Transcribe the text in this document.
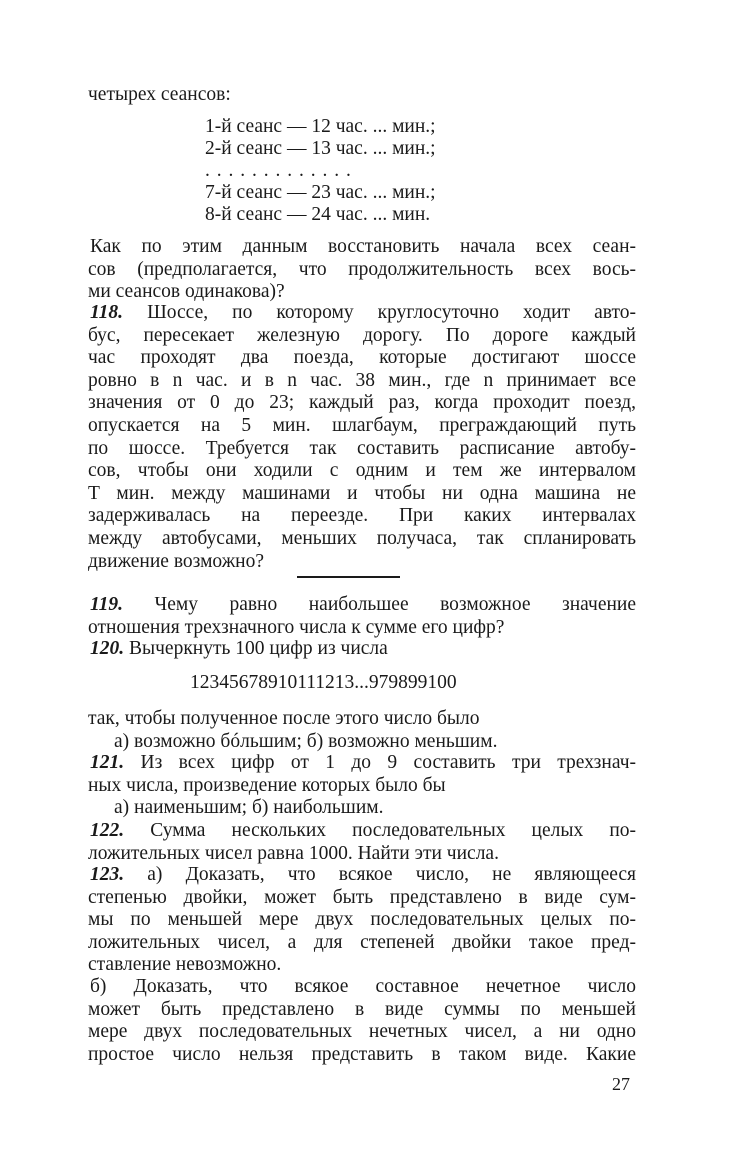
четырех сеансов:
1-й сеанс — 12 час. ... мин.;
2-й сеанс — 13 час. ... мин.;
. . . . . . . . . . . . .
7-й сеанс — 23 час. ... мин.;
8-й сеанс — 24 час. ... мин.
Как по этим данным восстановить начала всех сеан-
сов (предполагается, что продолжительность всех вось-
ми сеансов одинакова)?
118. Шоссе, по которому круглосуточно ходит авто-
бус, пересекает железную дорогу. По дороге каждый
час проходят два поезда, которые достигают шоссе
ровно в n час. и в n час. 38 мин., где n принимает все
значения от 0 до 23; каждый раз, когда проходит поезд,
опускается на 5 мин. шлагбаум, преграждающий путь
по шоссе. Требуется так составить расписание автобу-
сов, чтобы они ходили с одним и тем же интервалом
T мин. между машинами и чтобы ни одна машина не
задерживалась на переезде. При каких интервалах
между автобусами, меньших получаса, так спланировать
движение возможно?
119. Чему равно наибольшее возможное значение
отношения трехзначного числа к сумме его цифр?
120. Вычеркнуть 100 цифр из числа
12345678910111213...979899100
так, чтобы полученное после этого число было
а) возможно бóльшим; б) возможно меньшим.
121. Из всех цифр от 1 до 9 составить три трехзнач-
ных числа, произведение которых было бы
а) наименьшим; б) наибольшим.
122. Сумма нескольких последовательных целых по-
ложительных чисел равна 1000. Найти эти числа.
123. а) Доказать, что всякое число, не являющееся
степенью двойки, может быть представлено в виде сум-
мы по меньшей мере двух последовательных целых по-
ложительных чисел, а для степеней двойки такое пред-
ставление невозможно.
б) Доказать, что всякое составное нечетное число
может быть представлено в виде суммы по меньшей
мере двух последовательных нечетных чисел, а ни одно
простое число нельзя представить в таком виде. Какие
27
